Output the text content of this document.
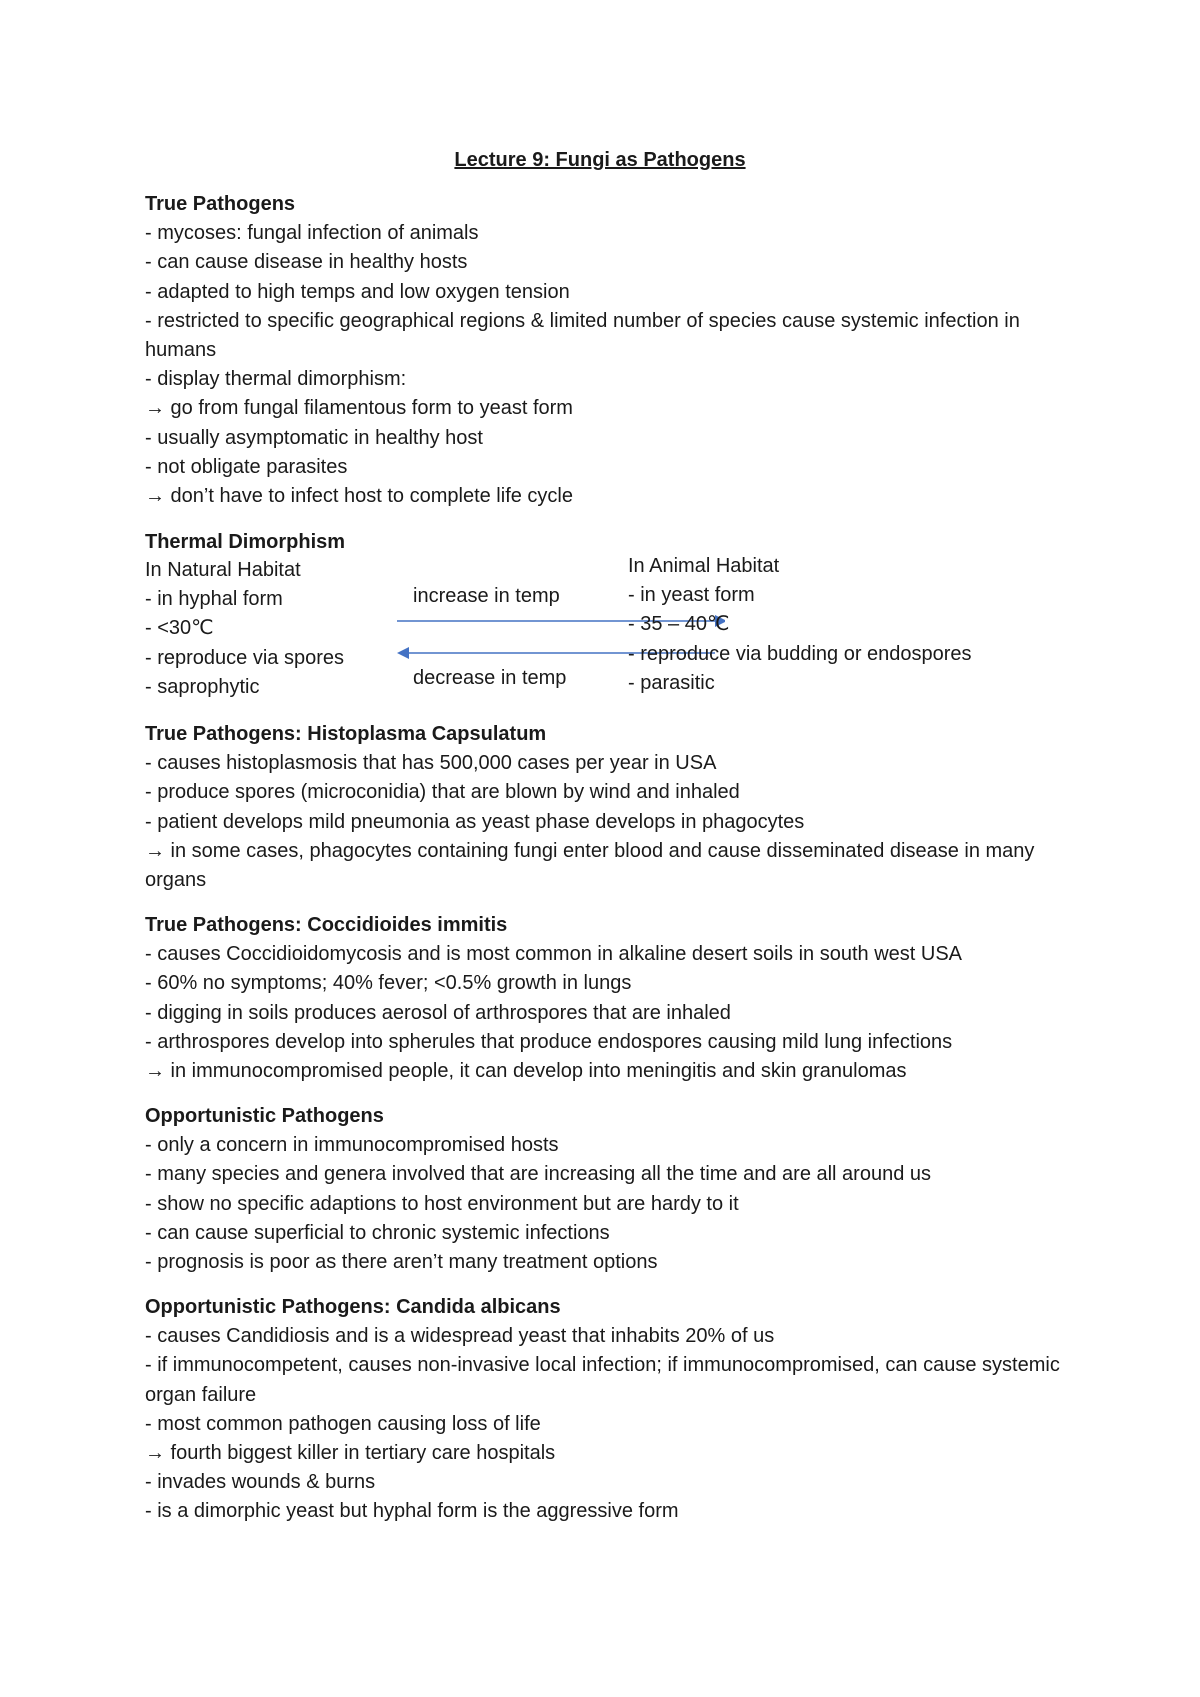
Lecture 9: Fungi as Pathogens
True Pathogens
- mycoses: fungal infection of animals
- can cause disease in healthy hosts
- adapted to high temps and low oxygen tension
- restricted to specific geographical regions & limited number of species cause systemic infection in humans
- display thermal dimorphism:
→ go from fungal filamentous form to yeast form
- usually asymptomatic in healthy host
- not obligate parasites
→ don’t have to infect host to complete life cycle
Thermal Dimorphism
In Natural Habitat
- in hyphal form
- <30℃
- reproduce via spores
- saprophytic
increase in temp
decrease in temp
In Animal Habitat
- in yeast form
- 35 – 40℃
- reproduce via budding or endospores
- parasitic
True Pathogens: Histoplasma Capsulatum
- causes histoplasmosis that has 500,000 cases per year in USA
- produce spores (microconidia) that are blown by wind and inhaled
- patient develops mild pneumonia as yeast phase develops in phagocytes
→ in some cases, phagocytes containing fungi enter blood and cause disseminated disease in many organs
True Pathogens: Coccidioides immitis
- causes Coccidioidomycosis and is most common in alkaline desert soils in south west USA
- 60% no symptoms; 40% fever; <0.5% growth in lungs
- digging in soils produces aerosol of arthrospores that are inhaled
- arthrospores develop into spherules that produce endospores causing mild lung infections
→ in immunocompromised people, it can develop into meningitis and skin granulomas
Opportunistic Pathogens
- only a concern in immunocompromised hosts
- many species and genera involved that are increasing all the time and are all around us
- show no specific adaptions to host environment but are hardy to it
- can cause superficial to chronic systemic infections
- prognosis is poor as there aren’t many treatment options
Opportunistic Pathogens: Candida albicans
- causes Candidiosis and is a widespread yeast that inhabits 20% of us
- if immunocompetent, causes non-invasive local infection; if immunocompromised, can cause systemic organ failure
- most common pathogen causing loss of life
→ fourth biggest killer in tertiary care hospitals
- invades wounds & burns
- is a dimorphic yeast but hyphal form is the aggressive form
